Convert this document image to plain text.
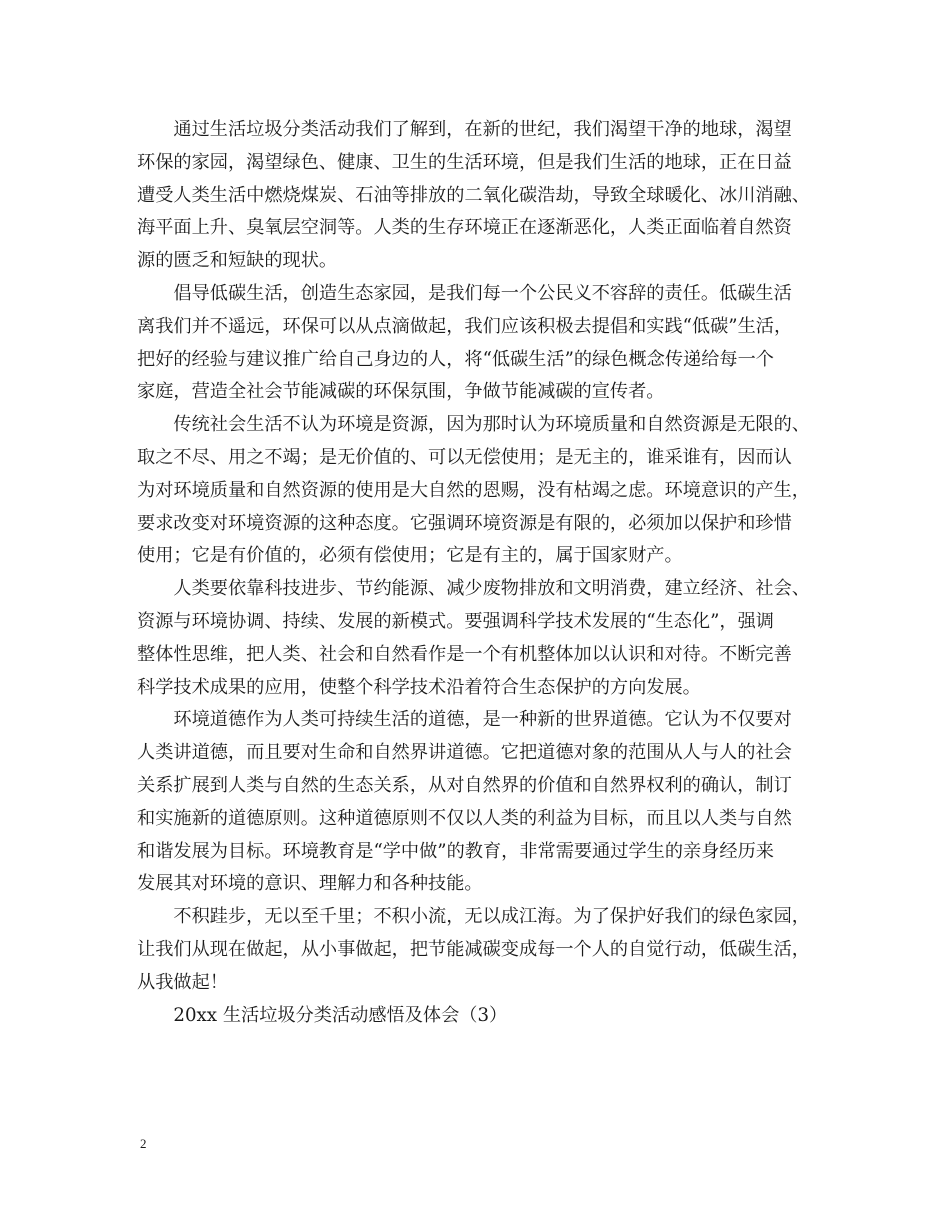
通过生活垃圾分类活动我们了解到，在新的世纪，我们渴望干净的地球，渴望
环保的家园，渴望绿色、健康、卫生的生活环境，但是我们生活的地球，正在日益
遭受人类生活中燃烧煤炭、石油等排放的二氧化碳浩劫，导致全球暖化、冰川消融、
海平面上升、臭氧层空洞等。人类的生存环境正在逐渐恶化，人类正面临着自然资
源的匮乏和短缺的现状。

倡导低碳生活，创造生态家园，是我们每一个公民义不容辞的责任。低碳生活
离我们并不遥远，环保可以从点滴做起，我们应该积极去提倡和实践“低碳”生活，
把好的经验与建议推广给自己身边的人，将“低碳生活”的绿色概念传递给每一个
家庭，营造全社会节能减碳的环保氛围，争做节能减碳的宣传者。

传统社会生活不认为环境是资源，因为那时认为环境质量和自然资源是无限的、
取之不尽、用之不竭；是无价值的、可以无偿使用；是无主的，谁采谁有，因而认
为对环境质量和自然资源的使用是大自然的恩赐，没有枯竭之虑。环境意识的产生，
要求改变对环境资源的这种态度。它强调环境资源是有限的，必须加以保护和珍惜
使用；它是有价值的，必须有偿使用；它是有主的，属于国家财产。

人类要依靠科技进步、节约能源、减少废物排放和文明消费，建立经济、社会、
资源与环境协调、持续、发展的新模式。要强调科学技术发展的“生态化”，强调
整体性思维，把人类、社会和自然看作是一个有机整体加以认识和对待。不断完善
科学技术成果的应用，使整个科学技术沿着符合生态保护的方向发展。

环境道德作为人类可持续生活的道德，是一种新的世界道德。它认为不仅要对
人类讲道德，而且要对生命和自然界讲道德。它把道德对象的范围从人与人的社会
关系扩展到人类与自然的生态关系，从对自然界的价值和自然界权利的确认，制订
和实施新的道德原则。这种道德原则不仅以人类的利益为目标，而且以人类与自然
和谐发展为目标。环境教育是“学中做”的教育，非常需要通过学生的亲身经历来
发展其对环境的意识、理解力和各种技能。

不积跬步，无以至千里；不积小流，无以成江海。为了保护好我们的绿色家园，
让我们从现在做起，从小事做起，把节能减碳变成每一个人的自觉行动，低碳生活，
从我做起！

20xx 生活垃圾分类活动感悟及体会（3）

2
